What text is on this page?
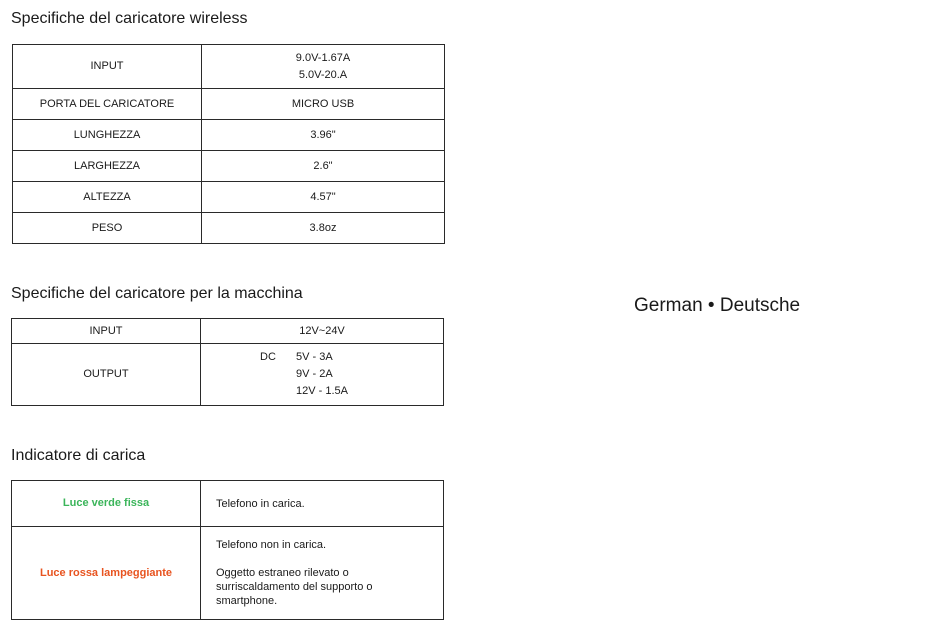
Specifiche del caricatore wireless
INPUT	9.0V-1.67A
5.0V-20.A

PORTA DEL CARICATORE	MICRO USB
LUNGHEZZA	3.96"
LARGHEZZA	2.6"
ALTEZZA	4.57"
PESO	3.8oz
Specifiche del caricatore per la macchina
INPUT	12V~24V
OUTPUT	DC 5V - 3A
9V - 2A
12V - 1.5A
Indicatore di carica
Luce verde fissa	Telefono in carica.
Luce rossa lampeggiante	Telefono non in carica.

Oggetto estraneo rilevato o surriscaldamento del supporto o smartphone.

German • Deutsche
